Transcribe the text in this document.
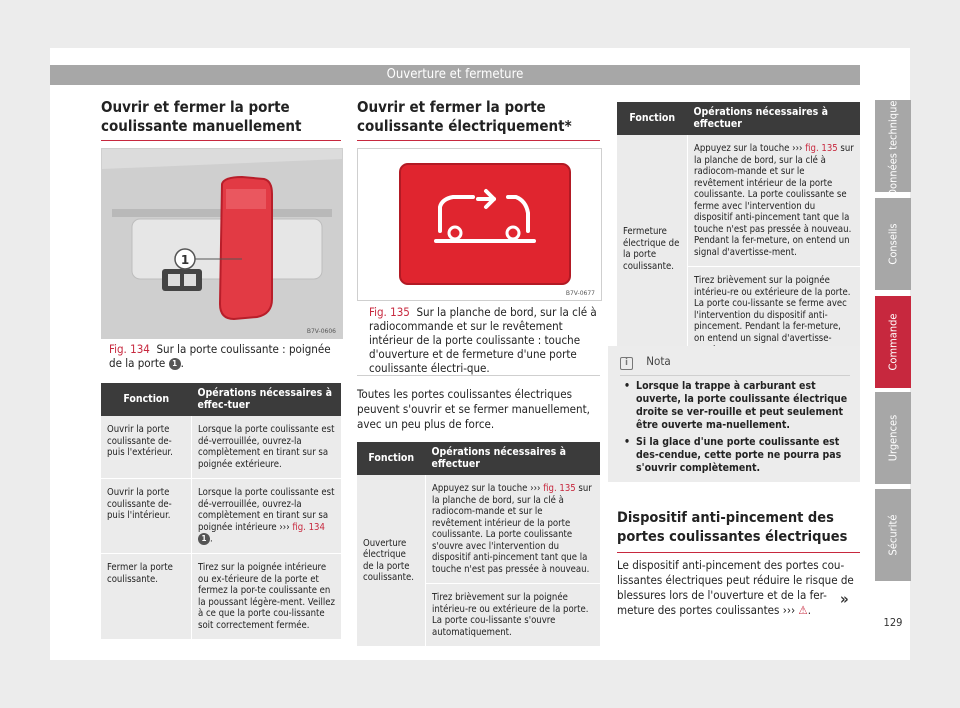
Ouverture et fermeture

Ouvrir et fermer la porte coulissante manuellement

1
B7V-0606
Fig. 134 Sur la porte coulissante : poignée de la porte 1 .
Fonction	Opérations nécessaires à effec-tuer
Ouvrir la porte coulissante de-puis l'extérieur.	Lorsque la porte coulissante est dé-verrouillée, ouvrez-la complètement en tirant sur sa poignée extérieure.
Ouvrir la porte coulissante de-puis l'intérieur.	Lorsque la porte coulissante est dé-verrouillée, ouvrez-la complètement en tirant sur sa poignée intérieure ››› fig. 134 1 .
Fermer la porte coulissante.	Tirez sur la poignée intérieure ou ex-térieure de la porte et fermez la por-te coulissante en la poussant légère-ment. Veillez à ce que la porte cou-lissante soit correctement fermée.

Ouvrir et fermer la porte coulissante électriquement*

B7V-0677
Fig. 135 Sur la planche de bord, sur la clé à radiocommande et sur le revêtement intérieur de la porte coulissante : touche d'ouverture et de fermeture d'une porte coulissante électri-que.
Toutes les portes coulissantes électriques peuvent s'ouvrir et se fermer manuellement, avec un peu plus de force.
Fonction	Opérations nécessaires à effectuer
Ouverture électrique de la porte coulissante.	Appuyez sur la touche ››› fig. 135 sur la planche de bord, sur la clé à radiocom-mande et sur le revêtement intérieur de la porte coulissante. La porte coulissante s'ouvre avec l'intervention du dispositif anti-pincement tant que la touche n'est pas pressée à nouveau.
	Tirez brièvement sur la poignée intérieu-re ou extérieure de la porte. La porte cou-lissante s'ouvre automatiquement.
Fonction	Opérations nécessaires à effectuer
Fermeture électrique de la porte coulissante.	Appuyez sur la touche ››› fig. 135 sur la planche de bord, sur la clé à radiocom-mande et sur le revêtement intérieur de la porte coulissante. La porte coulissante se ferme avec l'intervention du dispositif anti-pincement tant que la touche n'est pas pressée à nouveau. Pendant la fer-meture, on entend un signal d'avertisse-ment.
	Tirez brièvement sur la poignée intérieu-re ou extérieure de la porte. La porte cou-lissante se ferme avec l'intervention du dispositif anti-pincement. Pendant la fer-meture, on entend un signal d'avertisse-
i Nota
• Lorsque la trappe à carburant est ouverte, la porte coulissante électrique droite se ver-rouille et peut seulement être ouverte ma-nuellement.
• Si la glace d'une porte coulissante est des-cendue, cette porte ne pourra pas s'ouvrir complètement.

Dispositif anti-pincement des portes coulissantes électriques

Le dispositif anti-pincement des portes cou-lissantes électriques peut réduire le risque de blessures lors de l'ouverture et de la fer-meture des portes coulissantes ››› ⚠.
»
Données techniques
Conseils
Commande
Urgences
Sécurité
129
